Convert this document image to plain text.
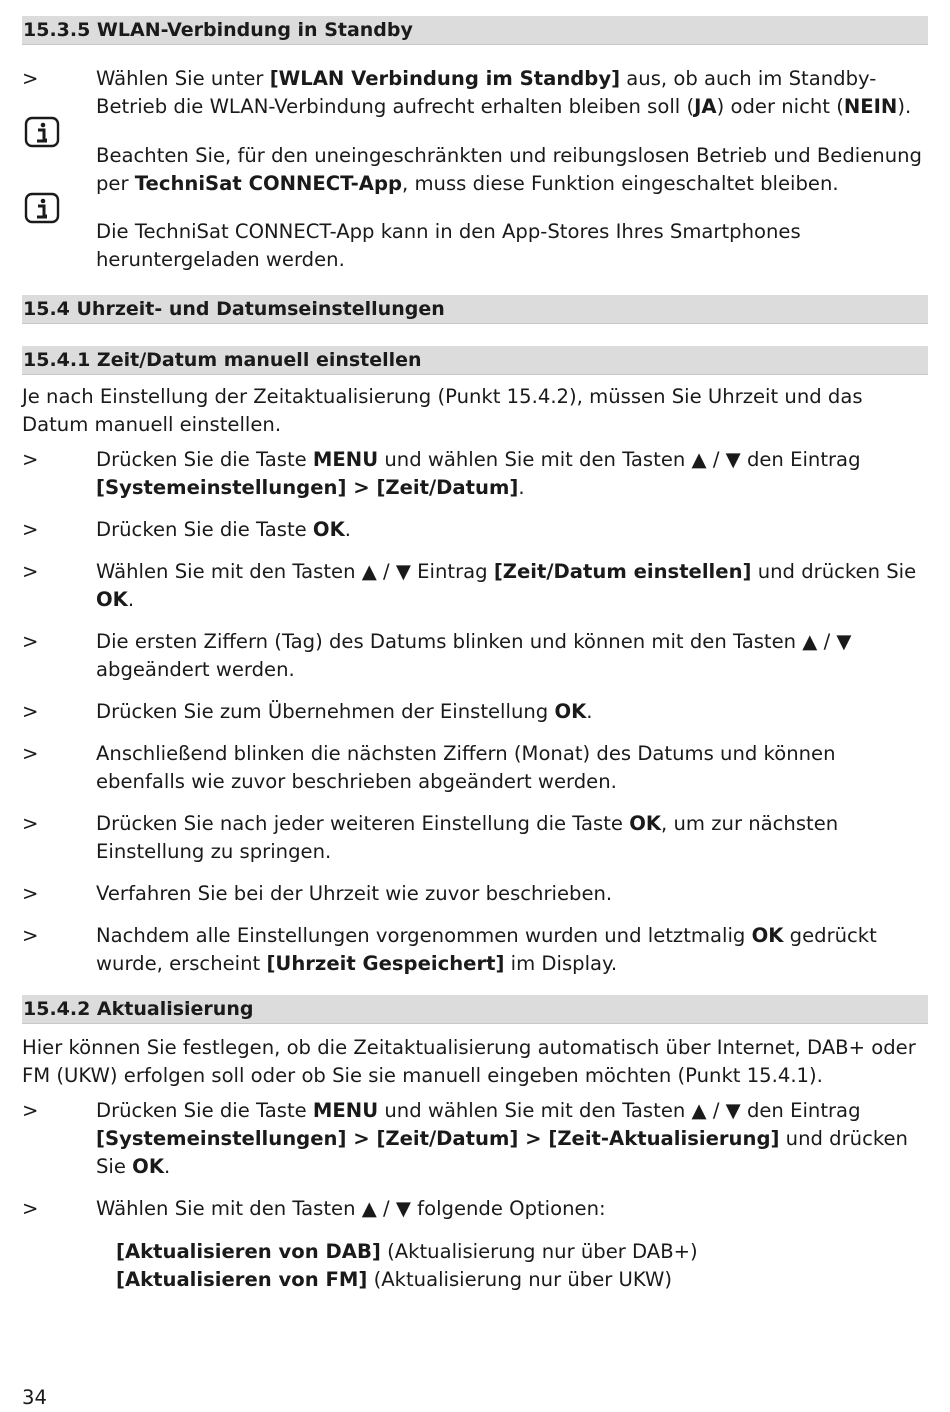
15.3.5 WLAN-Verbindung in Standby
>	Wählen Sie unter [WLAN Verbindung im Standby] aus, ob auch im Standby-Betrieb die WLAN-Verbindung aufrecht erhalten bleiben soll (JA) oder nicht (NEIN).
Beachten Sie, für den uneingeschränkten und reibungslosen Betrieb und Bedienung per TechniSat CONNECT-App, muss diese Funktion eingeschaltet bleiben.
Die TechniSat CONNECT-App kann in den App-Stores Ihres Smartphones heruntergeladen werden.
15.4 Uhrzeit- und Datumseinstellungen
15.4.1 Zeit/Datum manuell einstellen
Je nach Einstellung der Zeitaktualisierung (Punkt 15.4.2), müssen Sie Uhrzeit und das Datum manuell einstellen.
>	Drücken Sie die Taste MENU und wählen Sie mit den Tasten ▲ / ▼ den Eintrag [Systemeinstellungen] > [Zeit/Datum].
>	Drücken Sie die Taste OK.
>	Wählen Sie mit den Tasten ▲ / ▼ Eintrag [Zeit/Datum einstellen] und drücken Sie OK.
>	Die ersten Ziffern (Tag) des Datums blinken und können mit den Tasten ▲ / ▼ abgeändert werden.
>	Drücken Sie zum Übernehmen der Einstellung OK.
>	Anschließend blinken die nächsten Ziffern (Monat) des Datums und können ebenfalls wie zuvor beschrieben abgeändert werden.
>	Drücken Sie nach jeder weiteren Einstellung die Taste OK, um zur nächsten Einstellung zu springen.
>	Verfahren Sie bei der Uhrzeit wie zuvor beschrieben.
>	Nachdem alle Einstellungen vorgenommen wurden und letztmalig OK gedrückt wurde, erscheint [Uhrzeit Gespeichert] im Display.
15.4.2 Aktualisierung
Hier können Sie festlegen, ob die Zeitaktualisierung automatisch über Internet, DAB+ oder FM (UKW) erfolgen soll oder ob Sie sie manuell eingeben möchten (Punkt 15.4.1).
>	Drücken Sie die Taste MENU und wählen Sie mit den Tasten ▲ / ▼ den Eintrag [Systemeinstellungen] > [Zeit/Datum] > [Zeit-Aktualisierung] und drücken Sie OK.
>	Wählen Sie mit den Tasten ▲ / ▼ folgende Optionen:
[Aktualisieren von DAB] (Aktualisierung nur über DAB+)
[Aktualisieren von FM] (Aktualisierung nur über UKW)
34
